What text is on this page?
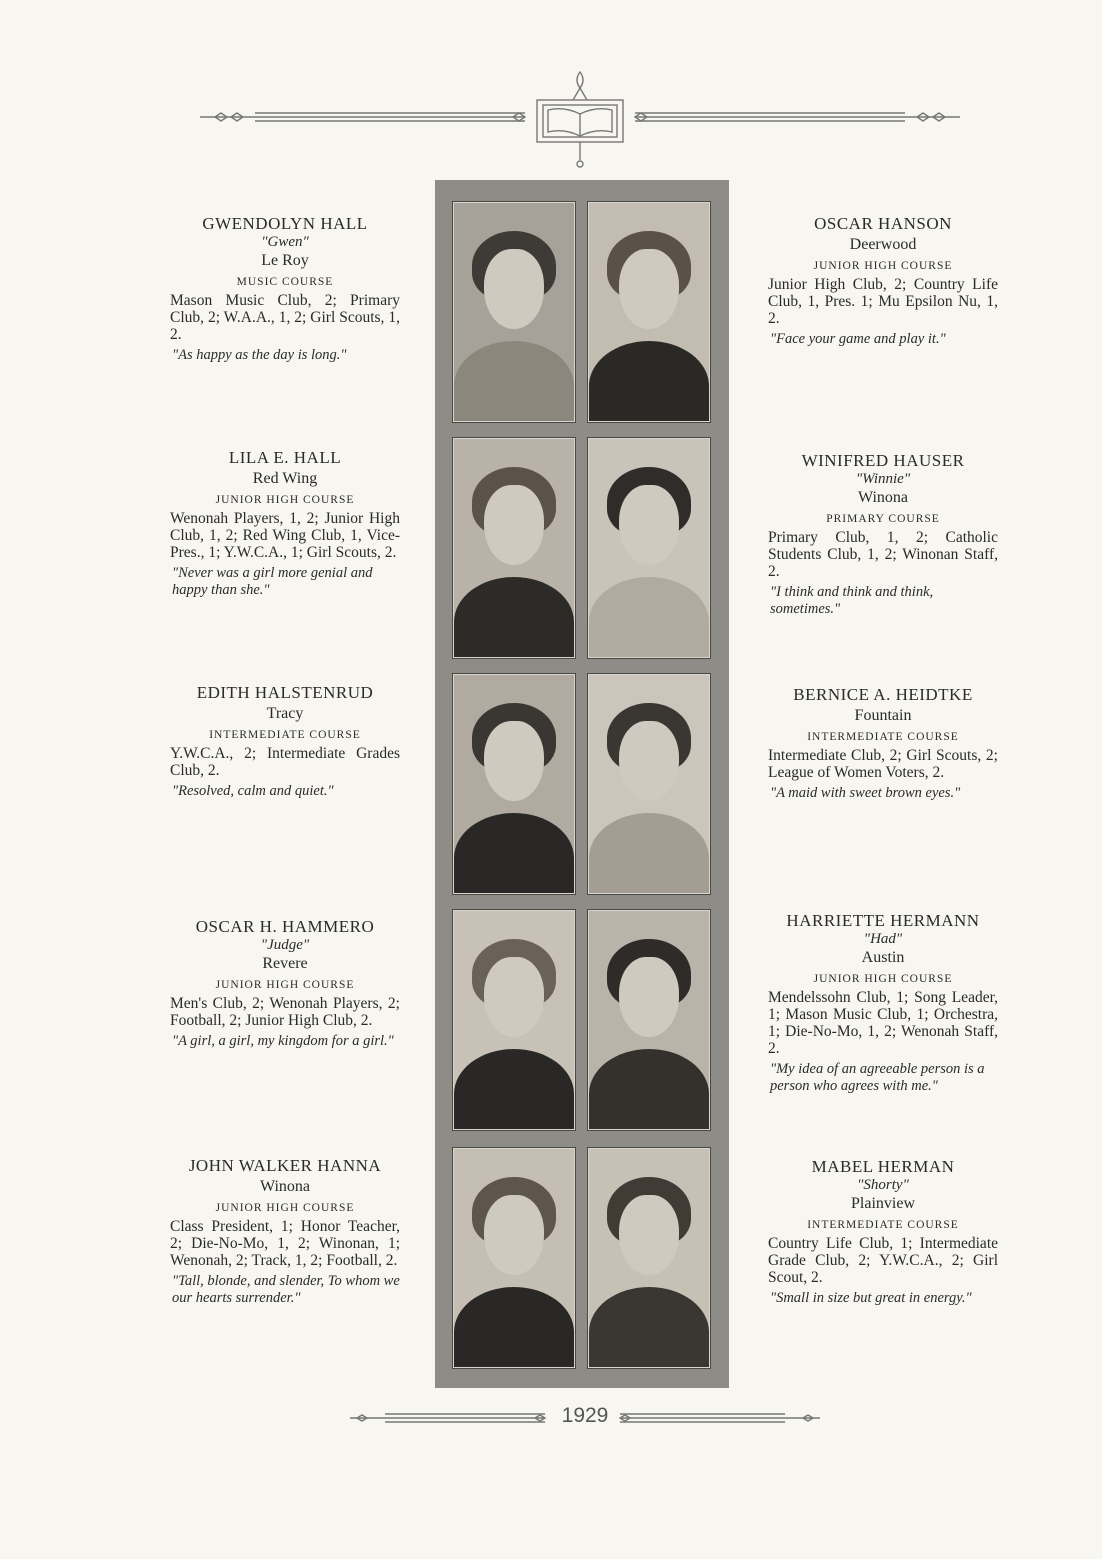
GWENDOLYN HALL
"Gwen"
Le Roy
MUSIC COURSE
Mason Music Club, 2; Primary Club, 2; W.A.A., 1, 2; Girl Scouts, 1, 2.
"As happy as the day is long."
LILA E. HALL
Red Wing
JUNIOR HIGH COURSE
Wenonah Players, 1, 2; Junior High Club, 1, 2; Red Wing Club, 1, Vice-Pres., 1; Y.W.C.A., 1; Girl Scouts, 2.
"Never was a girl more genial and happy than she."
EDITH HALSTENRUD
Tracy
INTERMEDIATE COURSE
Y.W.C.A., 2; Intermediate Grades Club, 2.
"Resolved, calm and quiet."
OSCAR H. HAMMERO
"Judge"
Revere
JUNIOR HIGH COURSE
Men's Club, 2; Wenonah Players, 2; Football, 2; Junior High Club, 2.
"A girl, a girl, my kingdom for a girl."
JOHN WALKER HANNA
Winona
JUNIOR HIGH COURSE
Class President, 1; Honor Teacher, 2; Die-No-Mo, 1, 2; Winonan, 1; Wenonah, 2; Track, 1, 2; Football, 2.
"Tall, blonde, and slender, To whom we our hearts surrender."
OSCAR HANSON
Deerwood
JUNIOR HIGH COURSE
Junior High Club, 2; Country Life Club, 1, Pres. 1; Mu Epsilon Nu, 1, 2.
"Face your game and play it."
WINIFRED HAUSER
"Winnie"
Winona
PRIMARY COURSE
Primary Club, 1, 2; Catholic Students Club, 1, 2; Winonan Staff, 2.
"I think and think and think, sometimes."
BERNICE A. HEIDTKE
Fountain
INTERMEDIATE COURSE
Intermediate Club, 2; Girl Scouts, 2; League of Women Voters, 2.
"A maid with sweet brown eyes."
HARRIETTE HERMANN
"Had"
Austin
JUNIOR HIGH COURSE
Mendelssohn Club, 1; Song Leader, 1; Mason Music Club, 1; Orchestra, 1; Die-No-Mo, 1, 2; Wenonah Staff, 2.
"My idea of an agreeable person is a person who agrees with me."
MABEL HERMAN
"Shorty"
Plainview
INTERMEDIATE COURSE
Country Life Club, 1; Intermediate Grade Club, 2; Y.W.C.A., 2; Girl Scout, 2.
"Small in size but great in energy."
1929
